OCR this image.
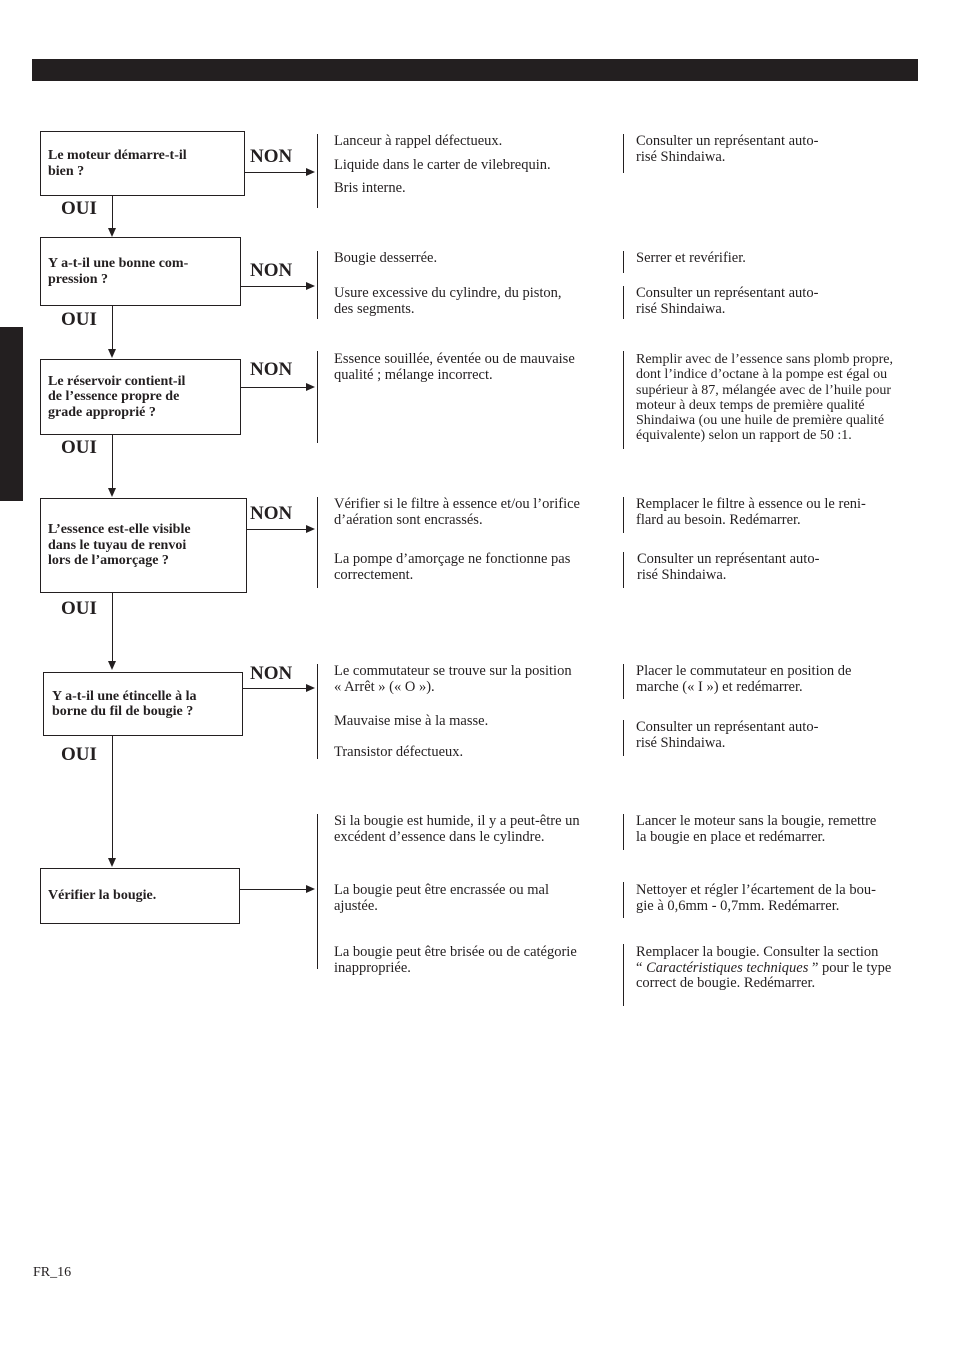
Le moteur démarre-t-il
bien ?
Y a-t-il une bonne com-
pression ?
Le réservoir contient-il
de l’essence propre de
grade approprié ?
L’essence est-elle visible
dans le tuyau de renvoi
lors de l’amorçage ?
Y a-t-il une étincelle à la
borne du fil de bougie ?
Vérifier la bougie.
NON
NON
NON
NON
NON
OUI
OUI
OUI
OUI
OUI
Lanceur à rappel défectueux.
Liquide dans le carter de vilebrequin.
Bris interne.
Bougie desserrée.
Usure excessive du cylindre, du piston,
des segments.
Essence souillée, éventée ou de mauvaise
qualité ; mélange incorrect.
Vérifier si le filtre à essence et/ou l’orifice
d’aération sont encrassés.
La pompe d’amorçage ne fonctionne pas
correctement.
Le commutateur se trouve sur la position
« Arrêt » (« O »).
Mauvaise mise à la masse.
Transistor défectueux.
Si la bougie est humide, il y a peut-être un
excédent d’essence dans le cylindre.
La bougie peut être encrassée ou mal
ajustée.
La bougie peut être brisée ou de catégorie
inappropriée.
Consulter un représentant auto-
risé Shindaiwa.
Serrer et revérifier.
Consulter un représentant auto-
risé Shindaiwa.
Remplir avec de l’essence sans plomb propre,
dont l’indice d’octane à la pompe est égal ou
supérieur à 87, mélangée avec de l’huile pour
moteur à deux temps de première qualité
Shindaiwa (ou une huile de première qualité
équivalente) selon un rapport de 50 :1.
Remplacer le filtre à essence ou le reni-
flard au besoin. Redémarrer.
Consulter un représentant auto-
risé Shindaiwa.
Placer le commutateur en position de
marche (« I ») et redémarrer.
Consulter un représentant auto-
risé Shindaiwa.
Lancer le moteur sans la bougie, remettre
la bougie en place et redémarrer.
Nettoyer et régler l’écartement de la bou-
gie à 0,6mm - 0,7mm. Redémarrer.
Remplacer la bougie. Consulter la section
“ Caractéristiques techniques ” pour le type
correct de bougie. Redémarrer.
FR_16
